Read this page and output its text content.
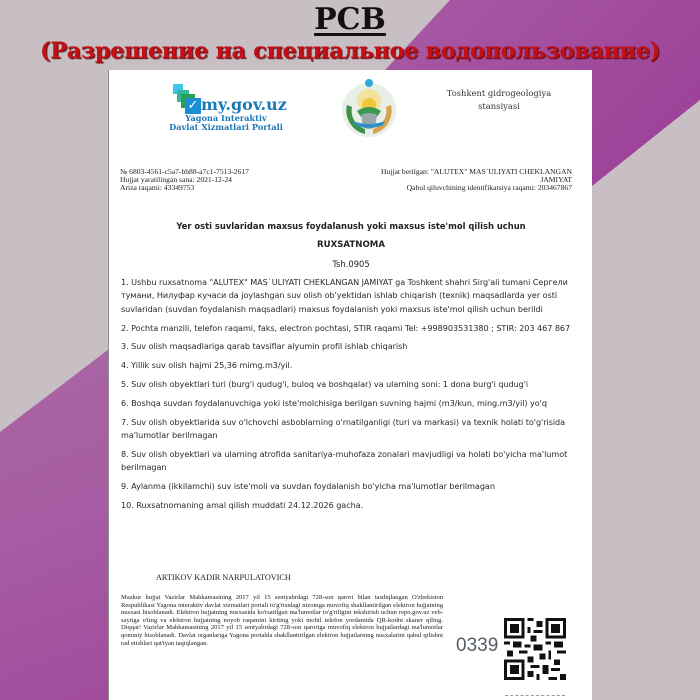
РСВ
(Разрешение на специальное водопользование)
✓ my.gov.uz
Yagona Interaktiv
Davlat Xizmatlari Portali
Toshkent gidrogeologiya
stansiyasi
№ 6803-4561-c5a7-bb88-a7c1-7513-2617
Hujjat yaratilingan sana: 2021-12-24
Ariza raqami: 43349753
Hujjat berilgan: "ALUTEX" MAS`ULIYATI CHEKLANGAN
JAMIYAT
Qabul qiluvchining identifikatsiya raqami: 203467867
Yer osti suvlaridan maxsus foydalanush yoki maxsus iste'mol qilish uchun
RUXSATNOMA
Tsh.0905
1. Ushbu ruxsatnoma "ALUTEX" MAS`ULIYATI CHEKLANGAN JAMIYAT ga Toshkent shahri Sirg'ali tumani Сергели тумани, Нилуфар кучаси da joylashgan suv olish ob'yektidan ishlab chiqarish (texnik) maqsadlarda yer osti suvlaridan (suvdan foydalanish maqsadlari) maxsus foydalanish yoki maxsus iste'mol qilish uchun berildi
2. Pochta manzili, telefon raqami, faks, electron pochtasi, STIR raqami Tel: +998903531380 ; STIR: 203 467 867
3. Suv olish maqsadlariga qarab tavsiflar alyumin profil ishlab chiqarish
4. Yillik suv olish hajmi 25,36 mimg.m3/yil.
5. Suv olish obyektlari turi (burg'i qudug'i, buloq va boshqalar) va ularning soni: 1 dona burg'i qudug'i
6. Boshqa suvdan foydalanuvchiga yoki iste'molchisiga berilgan suvning hajmi (m3/kun, ming.m3/yil) yo'q
7. Suv olish obyektlarida suv o'lchovchi asboblarning o'rnatilganligi (turi va markasi) va texnik holati to'g'risida ma'lumotlar berilmagan
8. Suv olish obyektlari va ularning atrofida sanitariya-muhofaza zonalari mavjudligi va holati bo'yicha ma'lumot berilmagan
9. Aylanma (ikkilamchi) suv iste'moli va suvdan foydalanish bo'yicha ma'lumotlar berilmagan
10. Ruxsatnomaning amal qilish muddati 24.12.2026 gacha.
ARTIKOV KADIR NARPULATOVICH
Mazkur hujjat Vazirlar Mahkamasining 2017 yil 15 sentyabrdagi 728-son qarori bilan tasdiqlangan O'zbekiston Respublikasi Yagona interaktiv davlat xizmatlari portali to'g'risidagi nizomga muvofiq shakllantirilgan elektron hujjatning nusxasi hisoblanadi. Elektron hujjatning nusxasida ko'rsatilgan ma'lumotlar to'g'riligini tekshirish uchun repo.gov.uz veb-saytiga o'ting va elektron hujjatning noyob raqamini kiriting yoki mobil telefon yordamida QR-kodni skaner qiling. Diqqat! Vazirlar Mahkamasining 2017 yil 15 sentyabrdagi 728-son qaroriga muvofiq elektron hujjatlardagi ma'lumotlar qonuniy hisoblanadi. Davlat organlariga Yagona portalda shakllantirilgan elektron hujjatlarning nusxalarini qabul qilishni rad etishlari qat'iyan taqiqlangan.	0339
